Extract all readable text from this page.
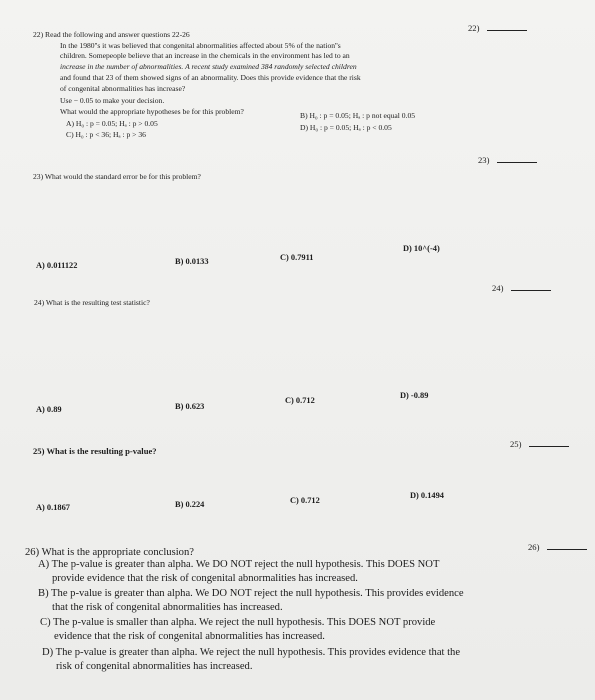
22)
22) Read the following and answer questions 22-26
In the 1980''s it was believed that congenital abnormalities affected about 5% of the nation''s
children. Somepeople believe that an increase in the chemicals in the environment has led to an
increase in the number of abnormalities. A recent study examined 384 randomly selected children
and found that 23 of them showed signs of an abnormality. Does this provide evidence that the risk
of congenital abnormalities has increase?
Use − 0.05 to make your decision.
What would the appropriate hypotheses be for this problem?
A) H₀ : p = 0.05; Hₐ : p > 0.05
B) H₀ : p = 0.05; Hₐ : p not equal 0.05
C) H₀ : p < 36; Hₐ : p > 36
D) H₀ : p = 0.05; Hₐ : p < 0.05
23)
23) What would the standard error be for this problem?
A) 0.011122	B) 0.0133	C) 0.7911
D) 10^(-4)
24)
24) What is the resulting test statistic?
A) 0.89	B) 0.623
C) 0.712
D) -0.89
25)
25) What is the resulting p-value?
A) 0.1867	B) 0.224	C) 0.712
D) 0.1494
26)
26) What is the appropriate conclusion?
A) The p-value is greater than alpha. We DO NOT reject the null hypothesis. This DOES NOT
provide evidence that the risk of congenital abnormalities has increased.
B) The p-value is greater than alpha. We DO NOT reject the null hypothesis. This provides evidence
that the risk of congenital abnormalities has increased.
C) The p-value is smaller than alpha. We reject the null hypothesis. This DOES NOT provide
evidence that the risk of congenital abnormalities has increased.
D) The p-value is greater than alpha. We reject the null hypothesis. This provides evidence that the
risk of congenital abnormalities has increased.
